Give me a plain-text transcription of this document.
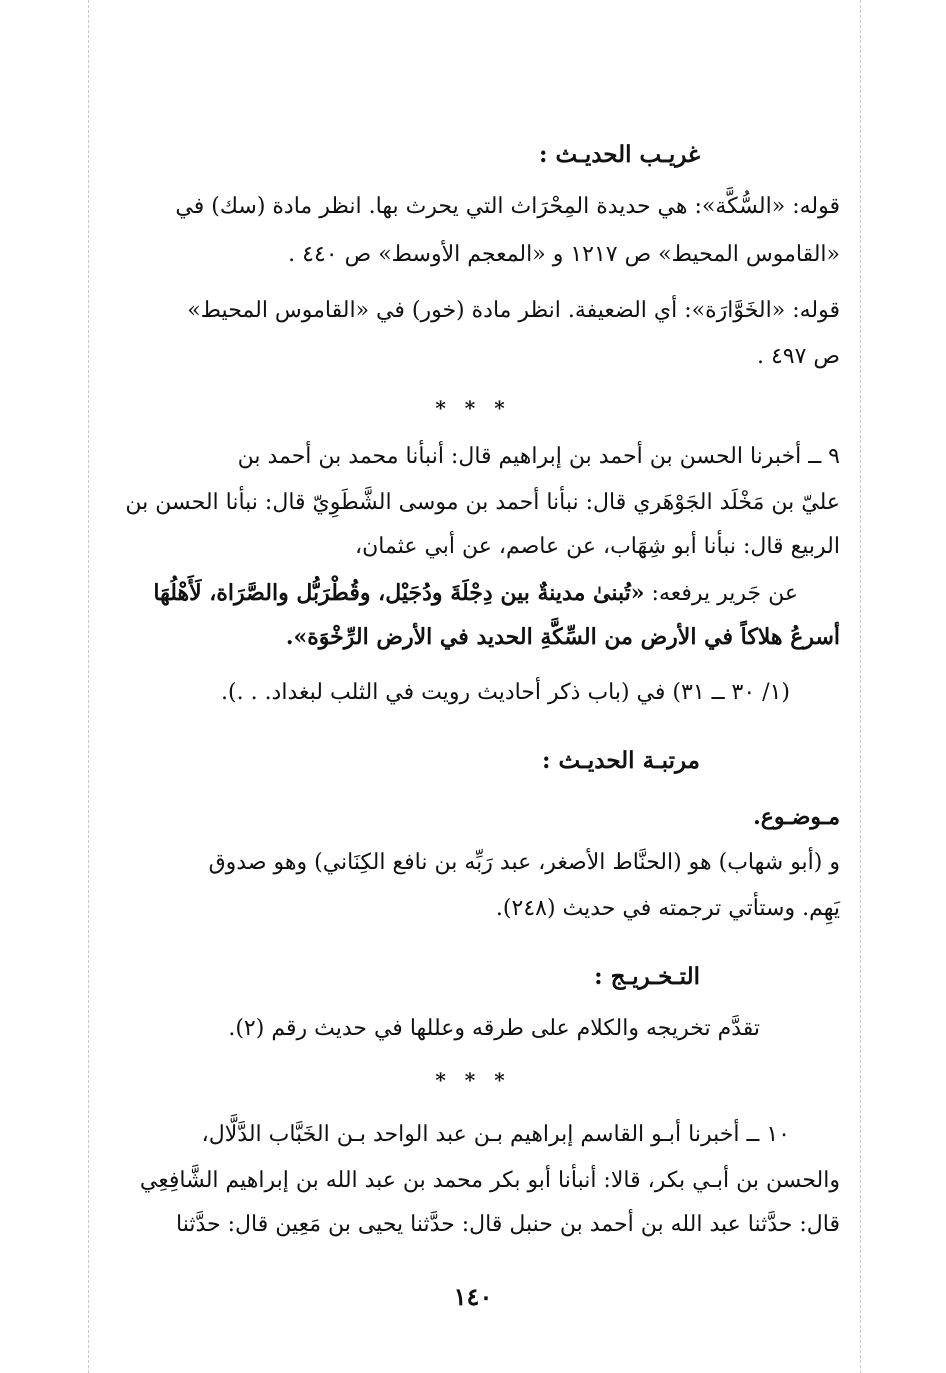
غريـب الحديـث :
قوله: «السُّكَّة»: هي حديدة المِحْرَاث التي يحرث بها. انظر مادة (سك) في
«القاموس المحيط» ص ١٢١٧ و «المعجم الأوسط» ص ٤٤٠ .
قوله: «الخَوَّارَة»: أي الضعيفة. انظر مادة (خور) في «القاموس المحيط»
ص ٤٩٧ .
* * *
٩ ــ أخبرنا الحسن بن أحمد بن إبراهيم قال: أنبأنا محمد بن أحمد بن
عليّ بن مَخْلَد الجَوْهَري قال: نبأنا أحمد بن موسى الشَّطَوِيّ قال: نبأنا الحسن بن
الربيع قال: نبأنا أبو شِهَاب، عن عاصم، عن أبي عثمان،
عن جَرير يرفعه: «تُبنىٰ مدينةٌ بين دِجْلَةَ ودُجَيْل، وقُطْرَبُّل والصَّرَاة، لَأَهْلُهَا
أسرعُ هلاكاً في الأرض من السِّكَّةِ الحديد في الأرض الرِّخْوَة».
(١/ ٣٠ ــ ٣١) في (باب ذكر أحاديث رويت في الثلب لبغداد. . .).
مرتبـة الحديـث :
مـوضـوع.
و (أبو شهاب) هو (الحنَّاط الأصغر، عبد رَبِّه بن نافع الكِنَاني) وهو صدوق
يَهِم. وستأتي ترجمته في حديث (٢٤٨).
التـخـريـج :
تقدَّم تخريجه والكلام على طرقه وعللها في حديث رقم (٢).
* * *
١٠ ــ أخبرنا أبـو القاسم إبراهيم بـن عبد الواحد بـن الخَبَّاب الدَّلَّال،
والحسن بن أبـي بكر، قالا: أنبأنا أبو بكر محمد بن عبد الله بن إبراهيم الشَّافِعِي
قال: حدَّثنا عبد الله بن أحمد بن حنبل قال: حدَّثنا يحيى بن مَعِين قال: حدَّثنا
١٤٠
